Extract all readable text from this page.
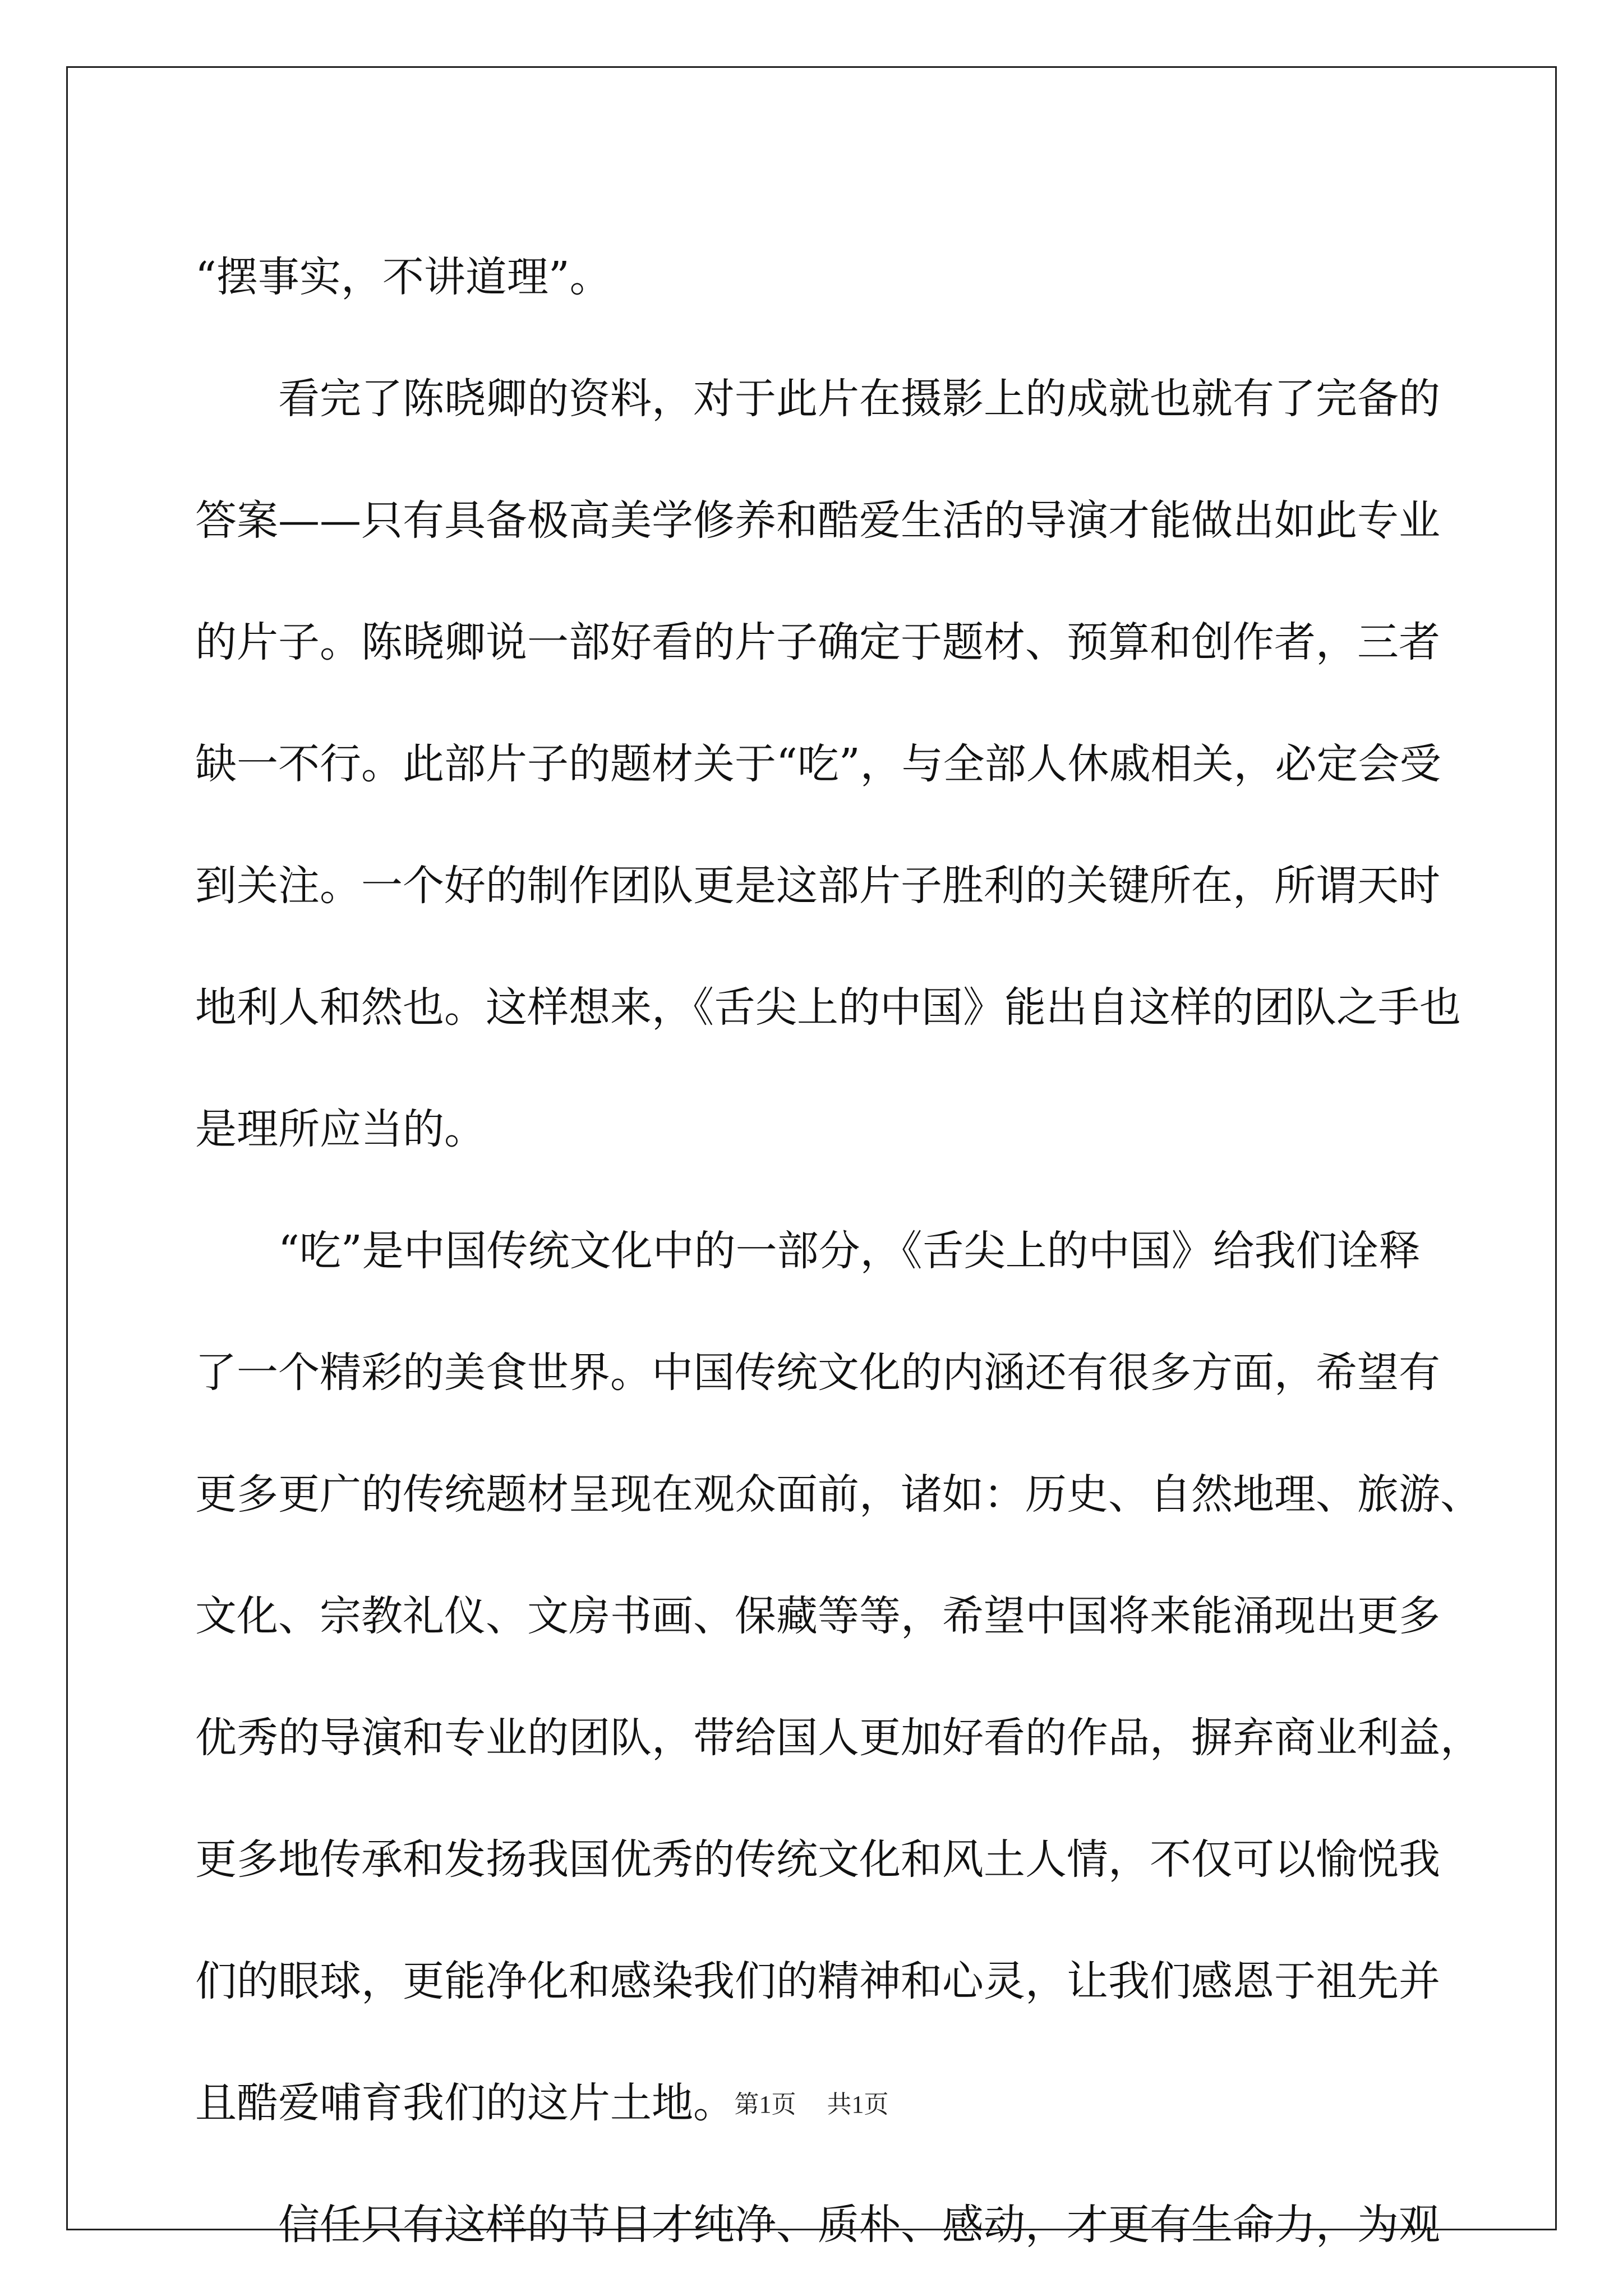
“摆事实，不讲道理”。
看完了陈晓卿的资料，对于此片在摄影上的成就也就有了完备的
答案——只有具备极高美学修养和酷爱生活的导演才能做出如此专业
的片子。陈晓卿说一部好看的片子确定于题材、预算和创作者，三者
缺一不行。此部片子的题材关于“吃”，与全部人休戚相关，必定会受
到关注。一个好的制作团队更是这部片子胜利的关键所在，所谓天时
地利人和然也。这样想来，《舌尖上的中国》能出自这样的团队之手也
是理所应当的。
“吃”是中国传统文化中的一部分，《舌尖上的中国》给我们诠释
了一个精彩的美食世界。中国传统文化的内涵还有很多方面，希望有
更多更广的传统题材呈现在观众面前，诸如：历史、自然地理、旅游、
文化、宗教礼仪、文房书画、保藏等等，希望中国将来能涌现出更多
优秀的导演和专业的团队，带给国人更加好看的作品，摒弃商业利益，
更多地传承和发扬我国优秀的传统文化和风土人情，不仅可以愉悦我
们的眼球，更能净化和感染我们的精神和心灵，让我们感恩于祖先并
且酷爱哺育我们的这片土地。
信任只有这样的节目才纯净、质朴、感动，才更有生命力，为观
第1页 共1页
